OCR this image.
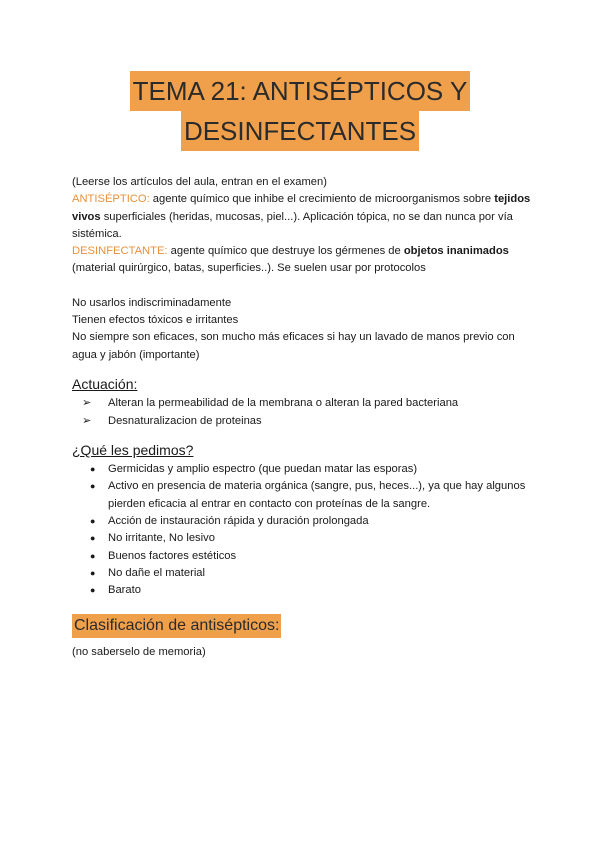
TEMA 21: ANTISÉPTICOS Y
DESINFECTANTES

(Leerse los artículos del aula, entran en el examen)

ANTISÉPTICO: agente químico que inhibe el crecimiento de microorganismos sobre tejidos vivos superficiales (heridas, mucosas, piel...). Aplicación tópica, no se dan nunca por vía sistémica.

DESINFECTANTE: agente químico que destruye los gérmenes de objetos inanimados (material quirúrgico, batas, superficies..). Se suelen usar por protocolos

No usarlos indiscriminadamente

Tienen efectos tóxicos e irritantes

No siempre son eficaces, son mucho más eficaces si hay un lavado de manos previo con agua y jabón (importante)

Actuación:

➢ Alteran la permeabilidad de la membrana o alteran la pared bacteriana
➢ Desnaturalizacion de proteinas

¿Qué les pedimos?

● Germicidas y amplio espectro (que puedan matar las esporas)
● Activo en presencia de materia orgánica (sangre, pus, heces...), ya que hay algunos pierden eficacia al entrar en contacto con proteínas de la sangre.
● Acción de instauración rápida y duración prolongada
● No irritante, No lesivo
● Buenos factores estéticos
● No dañe el material
● Barato
Clasificación de antisépticos:

(no saberselo de memoria)
